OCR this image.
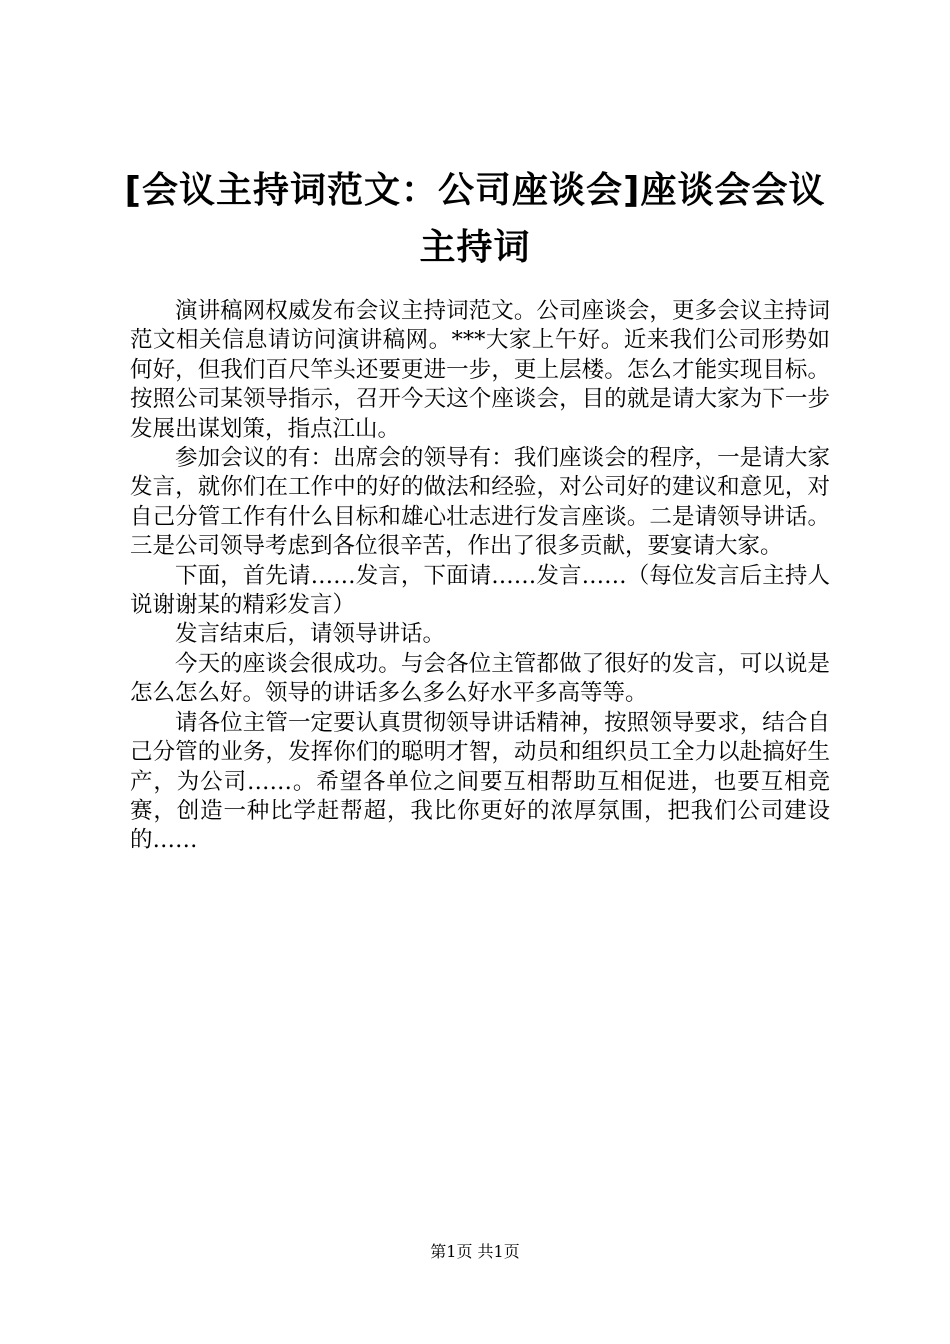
[会议主持词范文：公司座谈会]座谈会会议主持词

演讲稿网权威发布会议主持词范文。公司座谈会，更多会议主持词范文相关信息请访问演讲稿网。***大家上午好。近来我们公司形势如何好，但我们百尺竿头还要更进一步，更上层楼。怎么才能实现目标。按照公司某领导指示，召开今天这个座谈会，目的就是请大家为下一步发展出谋划策，指点江山。

参加会议的有：出席会的领导有：我们座谈会的程序，一是请大家发言，就你们在工作中的好的做法和经验，对公司好的建议和意见，对自己分管工作有什么目标和雄心壮志进行发言座谈。二是请领导讲话。三是公司领导考虑到各位很辛苦，作出了很多贡献，要宴请大家。

下面，首先请……发言，下面请……发言……（每位发言后主持人说谢谢某的精彩发言）

发言结束后，请领导讲话。

今天的座谈会很成功。与会各位主管都做了很好的发言，可以说是怎么怎么好。领导的讲话多么多么好水平多高等等。

请各位主管一定要认真贯彻领导讲话精神，按照领导要求，结合自己分管的业务，发挥你们的聪明才智，动员和组织员工全力以赴搞好生产，为公司……。希望各单位之间要互相帮助互相促进，也要互相竞赛，创造一种比学赶帮超，我比你更好的浓厚氛围，把我们公司建设的……

第1页 共1页
